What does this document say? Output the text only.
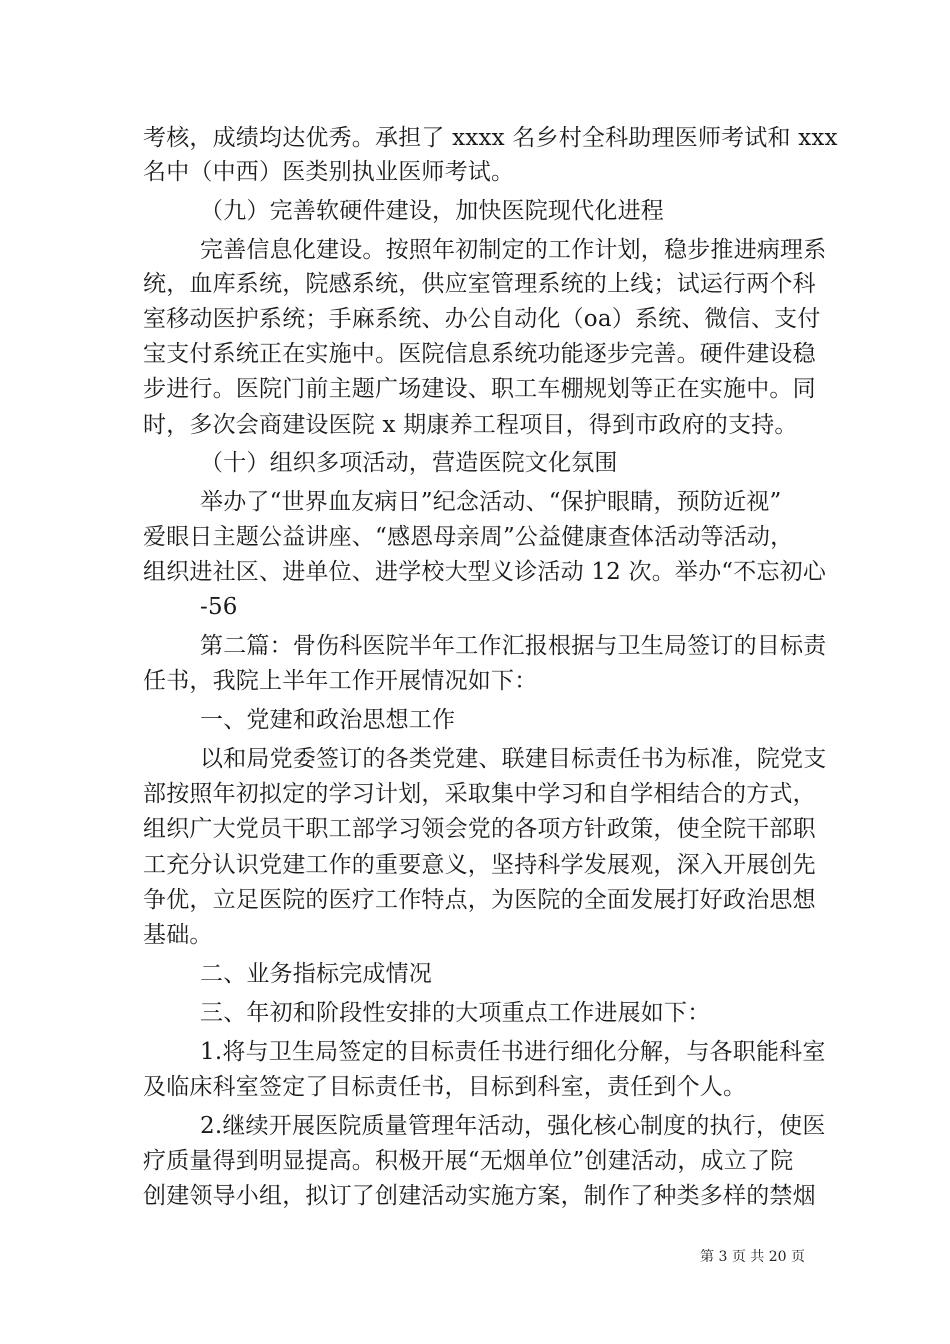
考核，成绩均达优秀。承担了 xxxx 名乡村全科助理医师考试和 xxx
名中（中西）医类别执业医师考试。
（九）完善软硬件建设，加快医院现代化进程
完善信息化建设。按照年初制定的工作计划，稳步推进病理系
统，血库系统，院感系统，供应室管理系统的上线；试运行两个科
室移动医护系统；手麻系统、办公自动化（oa）系统、微信、支付
宝支付系统正在实施中。医院信息系统功能逐步完善。硬件建设稳
步进行。医院门前主题广场建设、职工车棚规划等正在实施中。同
时，多次会商建设医院 x 期康养工程项目，得到市政府的支持。
（十）组织多项活动，营造医院文化氛围
举办了“世界血友病日”纪念活动、“保护眼睛，预防近视”
爱眼日主题公益讲座、“感恩母亲周”公益健康查体活动等活动，
组织进社区、进单位、进学校大型义诊活动 12 次。举办“不忘初心
-56
第二篇：骨伤科医院半年工作汇报根据与卫生局签订的目标责
任书，我院上半年工作开展情况如下：
一、党建和政治思想工作
以和局党委签订的各类党建、联建目标责任书为标准，院党支
部按照年初拟定的学习计划，采取集中学习和自学相结合的方式，
组织广大党员干职工部学习领会党的各项方针政策，使全院干部职
工充分认识党建工作的重要意义，坚持科学发展观，深入开展创先
争优，立足医院的医疗工作特点，为医院的全面发展打好政治思想
基础。
二、业务指标完成情况
三、年初和阶段性安排的大项重点工作进展如下：
1.将与卫生局签定的目标责任书进行细化分解，与各职能科室
及临床科室签定了目标责任书，目标到科室，责任到个人。
2.继续开展医院质量管理年活动，强化核心制度的执行，使医
疗质量得到明显提高。积极开展“无烟单位”创建活动，成立了院
创建领导小组，拟订了创建活动实施方案，制作了种类多样的禁烟
第 3 页 共 20 页
